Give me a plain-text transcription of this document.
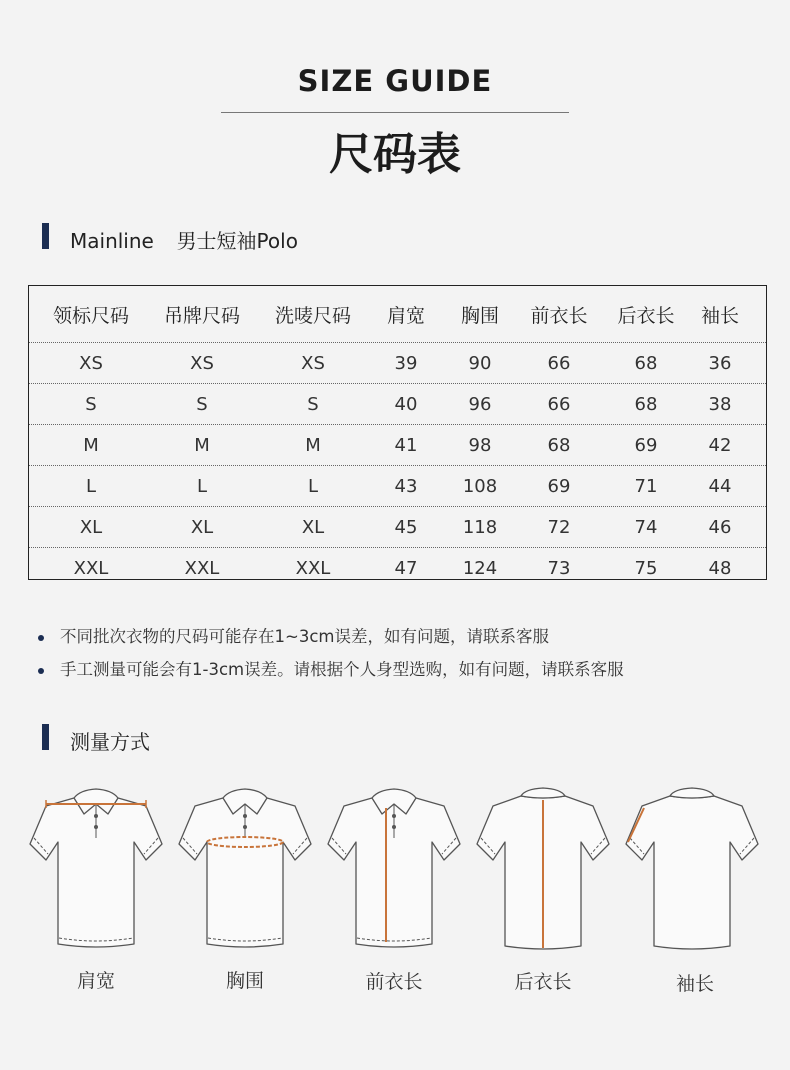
SIZE GUIDE
尺码表
Mainline 男士短袖Polo
领标尺码	吊牌尺码	洗唛尺码	肩宽	胸围	前衣长	后衣长	袖长
XS	XS	XS	39	90	66	68	36
S	S	S	40	96	66	68	38
M	M	M	41	98	68	69	42
L	L	L	43	108	69	71	44
XL	XL	XL	45	118	72	74	46
XXL	XXL	XXL	47	124	73	75	48
不同批次衣物的尺码可能存在1~3cm误差，如有问题，请联系客服
手工测量可能会有1-3cm误差。请根据个人身型选购，如有问题，请联系客服
测量方式
肩宽	胸围	前衣长	后衣长	袖长
